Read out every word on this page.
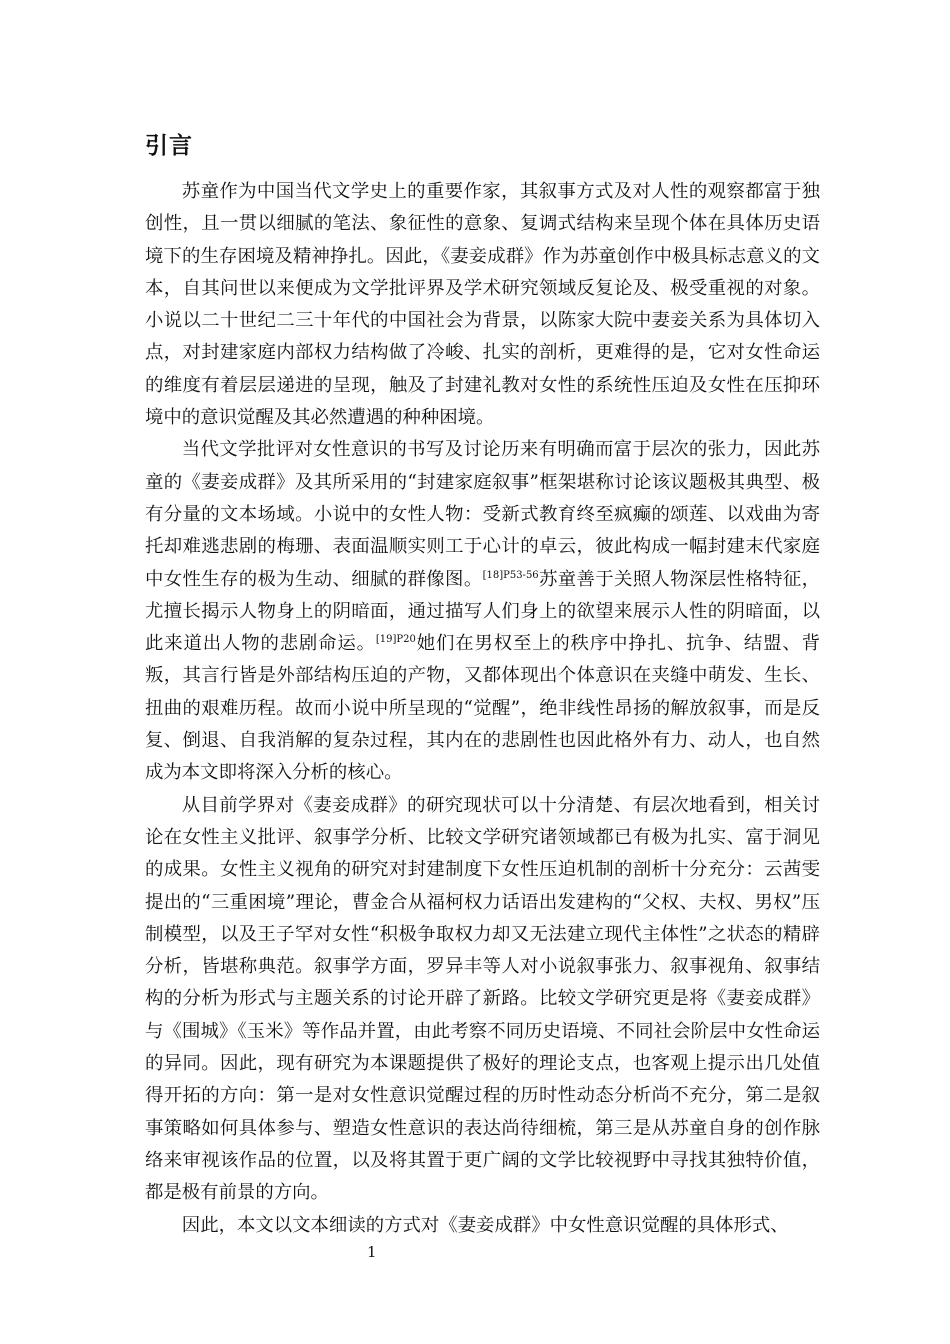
引言

苏童作为中国当代文学史上的重要作家，其叙事方式及对人性的观察都富于独创性，且一贯以细腻的笔法、象征性的意象、复调式结构来呈现个体在具体历史语境下的生存困境及精神挣扎。因此，《妻妾成群》作为苏童创作中极具标志意义的文本，自其问世以来便成为文学批评界及学术研究领域反复论及、极受重视的对象。小说以二十世纪二三十年代的中国社会为背景，以陈家大院中妻妾关系为具体切入点，对封建家庭内部权力结构做了冷峻、扎实的剖析，更难得的是，它对女性命运的维度有着层层递进的呈现，触及了封建礼教对女性的系统性压迫及女性在压抑环境中的意识觉醒及其必然遭遇的种种困境。

当代文学批评对女性意识的书写及讨论历来有明确而富于层次的张力，因此苏童的《妻妾成群》及其所采用的“封建家庭叙事”框架堪称讨论该议题极其典型、极有分量的文本场域。小说中的女性人物：受新式教育终至疯癫的颂莲、以戏曲为寄托却难逃悲剧的梅珊、表面温顺实则工于心计的卓云，彼此构成一幅封建末代家庭中女性生存的极为生动、细腻的群像图。$^{[18]P53-56}$苏童善于关照人物深层性格特征，尤擅长揭示人物身上的阴暗面，通过描写人们身上的欲望来展示人性的阴暗面，以此来道出人物的悲剧命运。$^{[19]P20}$她们在男权至上的秩序中挣扎、抗争、结盟、背叛，其言行皆是外部结构压迫的产物，又都体现出个体意识在夹缝中萌发、生长、扭曲的艰难历程。故而小说中所呈现的“觉醒”，绝非线性昂扬的解放叙事，而是反复、倒退、自我消解的复杂过程，其内在的悲剧性也因此格外有力、动人，也自然成为本文即将深入分析的核心。

从目前学界对《妻妾成群》的研究现状可以十分清楚、有层次地看到，相关讨论在女性主义批评、叙事学分析、比较文学研究诸领域都已有极为扎实、富于洞见的成果。女性主义视角的研究对封建制度下女性压迫机制的剖析十分充分：云茜雯提出的“三重困境”理论，曹金合从福柯权力话语出发建构的“父权、夫权、男权”压制模型，以及王子罕对女性“积极争取权力却又无法建立现代主体性”之状态的精辟分析，皆堪称典范。叙事学方面，罗异丰等人对小说叙事张力、叙事视角、叙事结构的分析为形式与主题关系的讨论开辟了新路。比较文学研究更是将《妻妾成群》与《围城》《玉米》等作品并置，由此考察不同历史语境、不同社会阶层中女性命运的异同。因此，现有研究为本课题提供了极好的理论支点，也客观上提示出几处值得开拓的方向：第一是对女性意识觉醒过程的历时性动态分析尚不充分，第二是叙事策略如何具体参与、塑造女性意识的表达尚待细梳，第三是从苏童自身的创作脉络来审视该作品的位置，以及将其置于更广阔的文学比较视野中寻找其独特价值，都是极有前景的方向。

因此，本文以文本细读的方式对《妻妾成群》中女性意识觉醒的具体形式、

1
